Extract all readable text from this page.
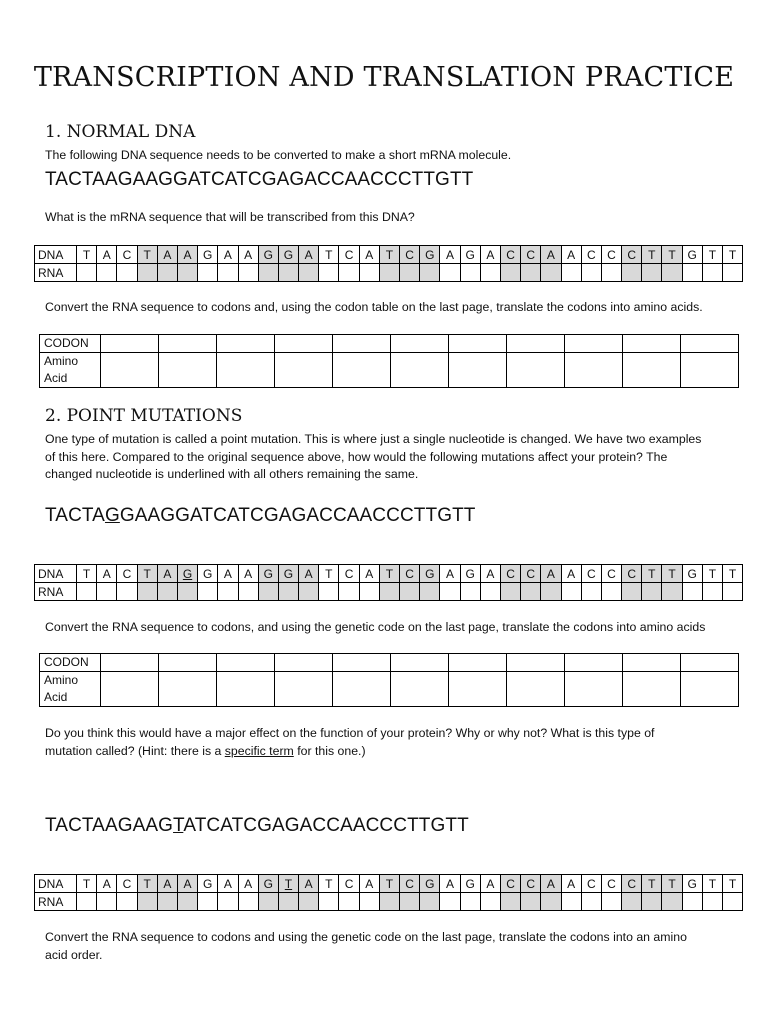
TRANSCRIPTION AND TRANSLATION PRACTICE
1. NORMAL DNA
The following DNA sequence needs to be converted to make a short mRNA molecule.
TACTAAGAAGGATCATCGAGACCAACCCTTGTT
What is the mRNA sequence that will be transcribed from this DNA?
DNA	T	A	C	T	A	A	G	A	A	G	G	A	T	C	A	T	C	G	A	G	A	C	C	A	A	C	C	C	T	T	G	T	T
RNA																																	
Convert the RNA sequence to codons and, using the codon table on the last page, translate the codons into amino acids.
CODON											

Amino
Acid											

2. POINT MUTATIONS
One type of mutation is called a point mutation. This is where just a single nucleotide is changed. We have two examples
of this here. Compared to the original sequence above, how would the following mutations affect your protein? The
changed nucleotide is underlined with all others remaining the same.
TACTAGGAAGGATCATCGAGACCAACCCTTGTT
DNA	T	A	C	T	A	G	G	A	A	G	G	A	T	C	A	T	C	G	A	G	A	C	C	A	A	C	C	C	T	T	G	T	T
RNA																																	
Convert the RNA sequence to codons, and using the genetic code on the last page, translate the codons into amino acids
CODON											

Amino
Acid											

Do you think this would have a major effect on the function of your protein? Why or why not? What is this type of
mutation called? (Hint: there is a specific term for this one.)
TACTAAGAAGTATCATCGAGACCAACCCTTGTT
DNA	T	A	C	T	A	A	G	A	A	G	T	A	T	C	A	T	C	G	A	G	A	C	C	A	A	C	C	C	T	T	G	T	T
RNA																																	
Convert the RNA sequence to codons and using the genetic code on the last page, translate the codons into an amino
acid order.
